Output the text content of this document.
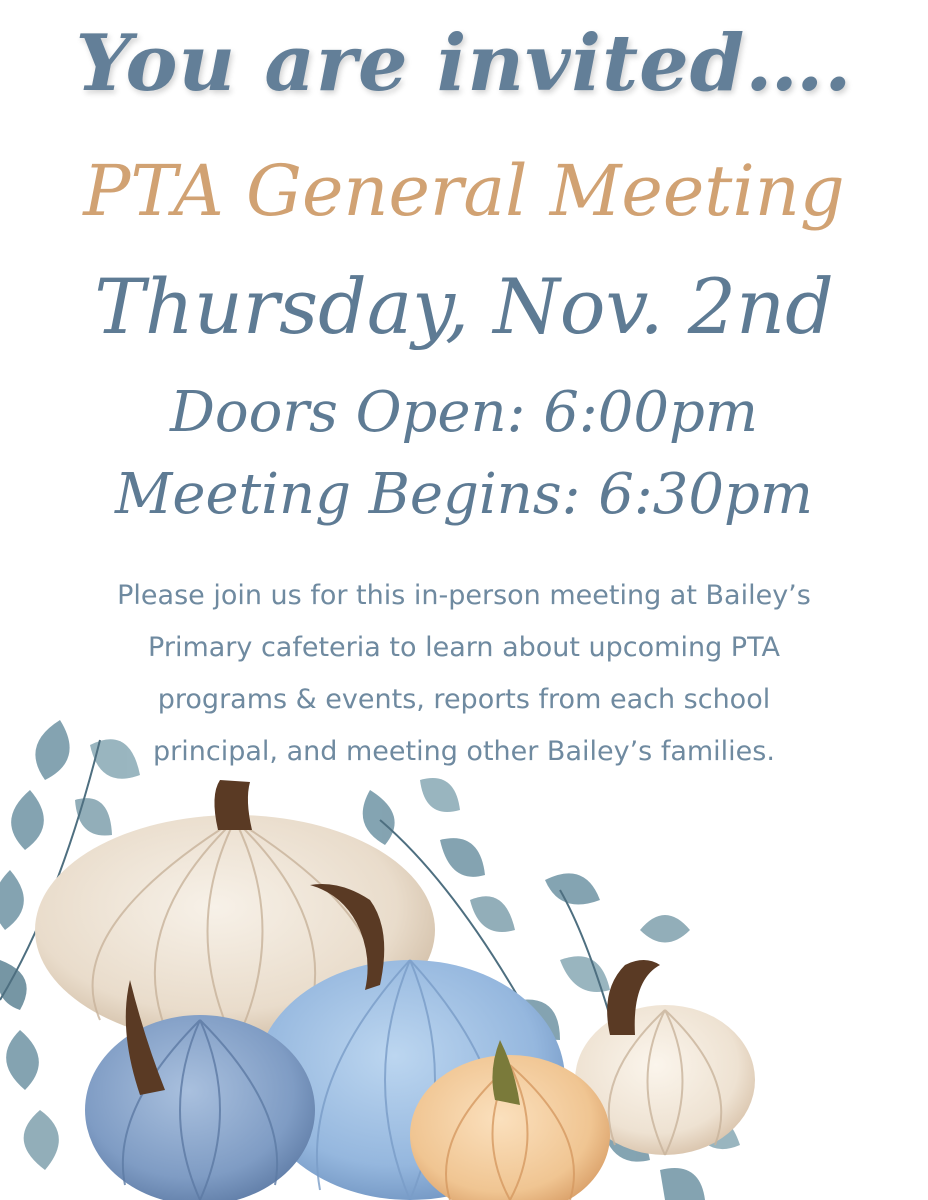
You are invited….
PTA General Meeting
Thursday, Nov. 2nd
Doors Open: 6:00pm
Meeting Begins: 6:30pm
Please join us for this in-person meeting at Bailey’s
Primary cafeteria to learn about upcoming PTA
programs & events, reports from each school
principal, and meeting other Bailey’s families.
